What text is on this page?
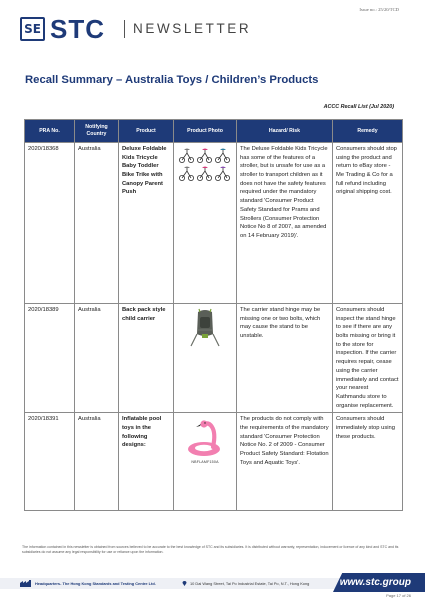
Issue no.: 25/20/TCD
SE STC NEWSLETTER
Recall Summary – Australia Toys / Children’s Products
ACCC Recall List (Jul 2020)
PRA No.	Notifying Country	Product	Product Photo	Hazard/ Risk	Remedy
2020/18368	Australia	Deluxe Foldable Kids Tricycle Baby Toddler Bike Trike with Canopy Parent Push		The Deluxe Foldable Kids Tricycle has some of the features of a stroller, but is unsafe for use as a stroller to transport children as it does not have the safety features required under the mandatory standard 'Consumer Product Safety Standard for Prams and Strollers (Consumer Protection Notice No 8 of 2007, as amended on 14 February 2019)'.	Consumers should stop using the product and return to eBay store - Me Trading & Co for a full refund including original shipping cost.
2020/18389	Australia	Back pack style child carrier		The carrier stand hinge may be missing one or two bolts, which may cause the stand to be unstable.	Consumers should inspect the stand hinge to see if there are any bolts missing or bring it to the store for inspection. If the carrier requires repair, cease using the carrier immediately and contact your nearest Kathmandu store to organise replacement.
2020/18391	Australia	Inflatable pool toys in the following designs:	NBFLAMF150A	The products do not comply with the requirements of the mandatory standard 'Consumer Protection Notice No. 2 of 2009 - Consumer Product Safety Standard: Flotation Toys and Aquatic Toys'.	Consumers should immediately stop using these products.
The information contained in this newsletter is obtained from sources believed to be accurate to the best knowledge of STC and its subsidiaries. It is distributed without warranty, representation, inducement or licence of any kind and STC and its subsidiaries do not assume any legal responsibility for use or reliance upon the information.
Headquarters - The Hong Kong Standards and Testing Centre Ltd.	10 Dai Wang Street, Tai Po Industrial Estate, Tai Po, N.T., Hong Kong	www.stc.group
Page 17 of 26
